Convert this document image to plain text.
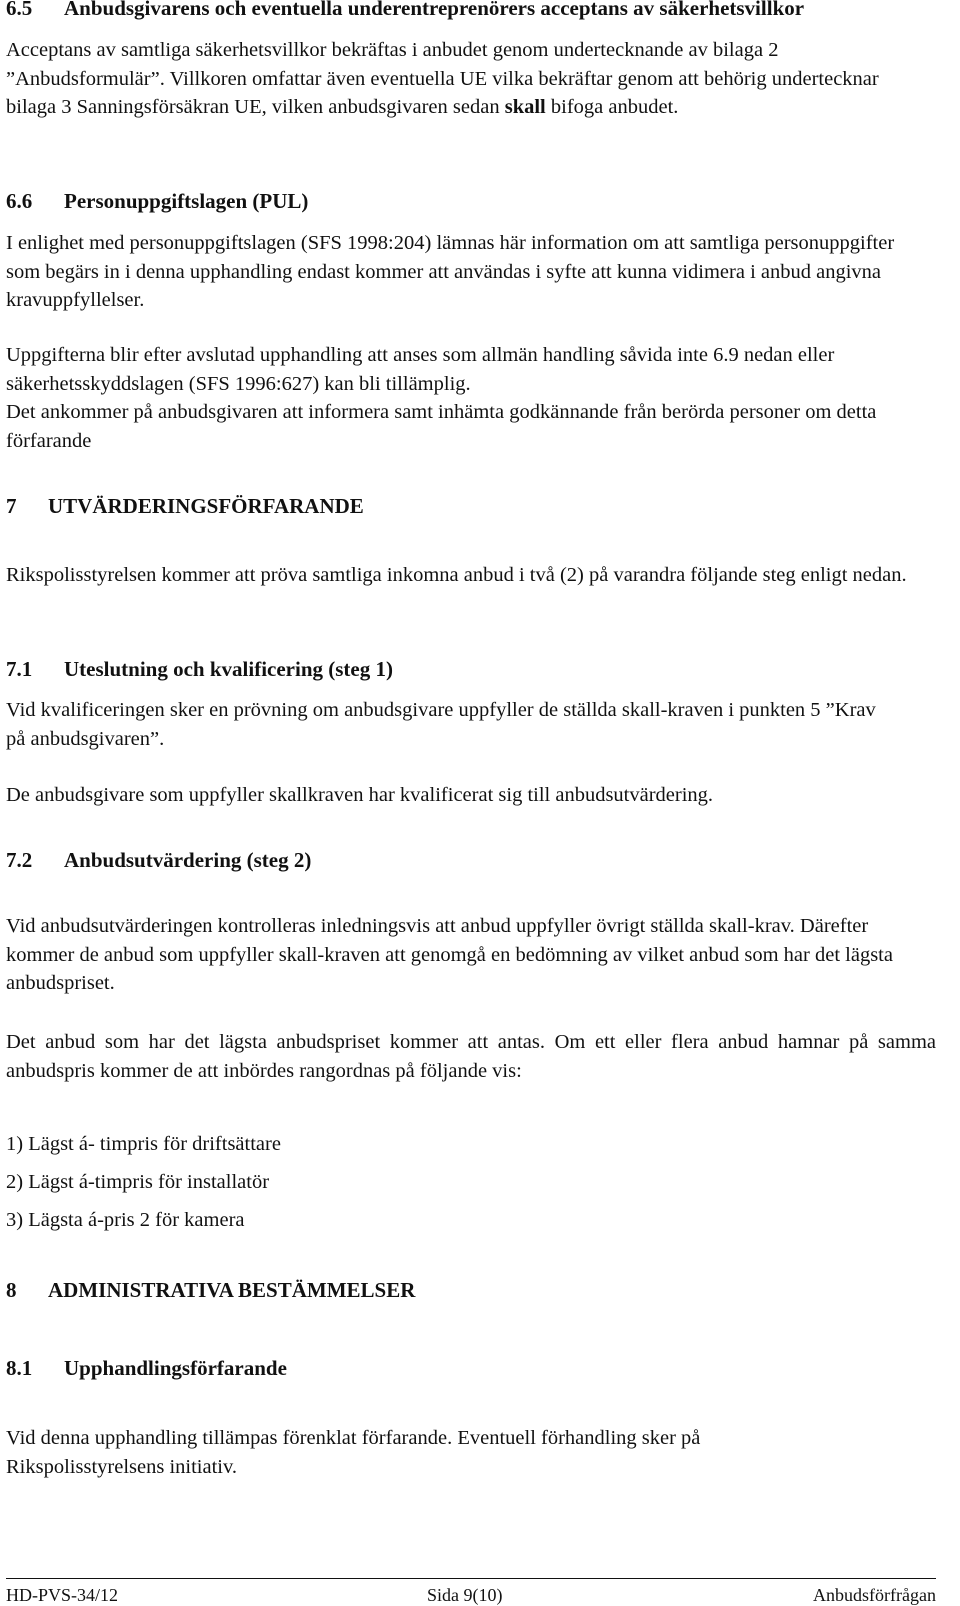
6.5 Anbudsgivarens och eventuella underentreprenörers acceptans av säkerhetsvillkor

Acceptans av samtliga säkerhetsvillkor bekräftas i anbudet genom undertecknande av bilaga 2 ”Anbudsformulär”. Villkoren omfattar även eventuella UE vilka bekräftar genom att behörig undertecknar bilaga 3 Sanningsförsäkran UE, vilken anbudsgivaren sedan skall bifoga anbudet.

6.6 Personuppgiftslagen (PUL)

I enlighet med personuppgiftslagen (SFS 1998:204) lämnas här information om att samtliga personuppgifter som begärs in i denna upphandling endast kommer att användas i syfte att kunna vidimera i anbud angivna kravuppfyllelser.

Uppgifterna blir efter avslutad upphandling att anses som allmän handling såvida inte 6.9 nedan eller säkerhetsskyddslagen (SFS 1996:627) kan bli tillämplig.

Det ankommer på anbudsgivaren att informera samt inhämta godkännande från berörda personer om detta förfarande

7 UTVÄRDERINGSFÖRFARANDE

Rikspolisstyrelsen kommer att pröva samtliga inkomna anbud i två (2) på varandra följande steg enligt nedan.

7.1 Uteslutning och kvalificering (steg 1)

Vid kvalificeringen sker en prövning om anbudsgivare uppfyller de ställda skall-kraven i punkten 5 ”Krav på anbudsgivaren”.

De anbudsgivare som uppfyller skallkraven har kvalificerat sig till anbudsutvärdering.

7.2 Anbudsutvärdering (steg 2)

Vid anbudsutvärderingen kontrolleras inledningsvis att anbud uppfyller övrigt ställda skall-krav. Därefter kommer de anbud som uppfyller skall-kraven att genomgå en bedömning av vilket anbud som har det lägsta anbudspriset.

Det anbud som har det lägsta anbudspriset kommer att antas. Om ett eller flera anbud hamnar på samma anbudspris kommer de att inbördes rangordnas på följande vis:

1) Lägst á- timpris för driftsättare
2) Lägst á-timpris för installatör
3) Lägsta á-pris 2 för kamera
8 ADMINISTRATIVA BESTÄMMELSER
8.1 Upphandlingsförfarande

Vid denna upphandling tillämpas förenklat förfarande. Eventuell förhandling sker på Rikspolisstyrelsens initiativ.

HD-PVS-34/12	Sida 9(10)	Anbudsförfrågan
